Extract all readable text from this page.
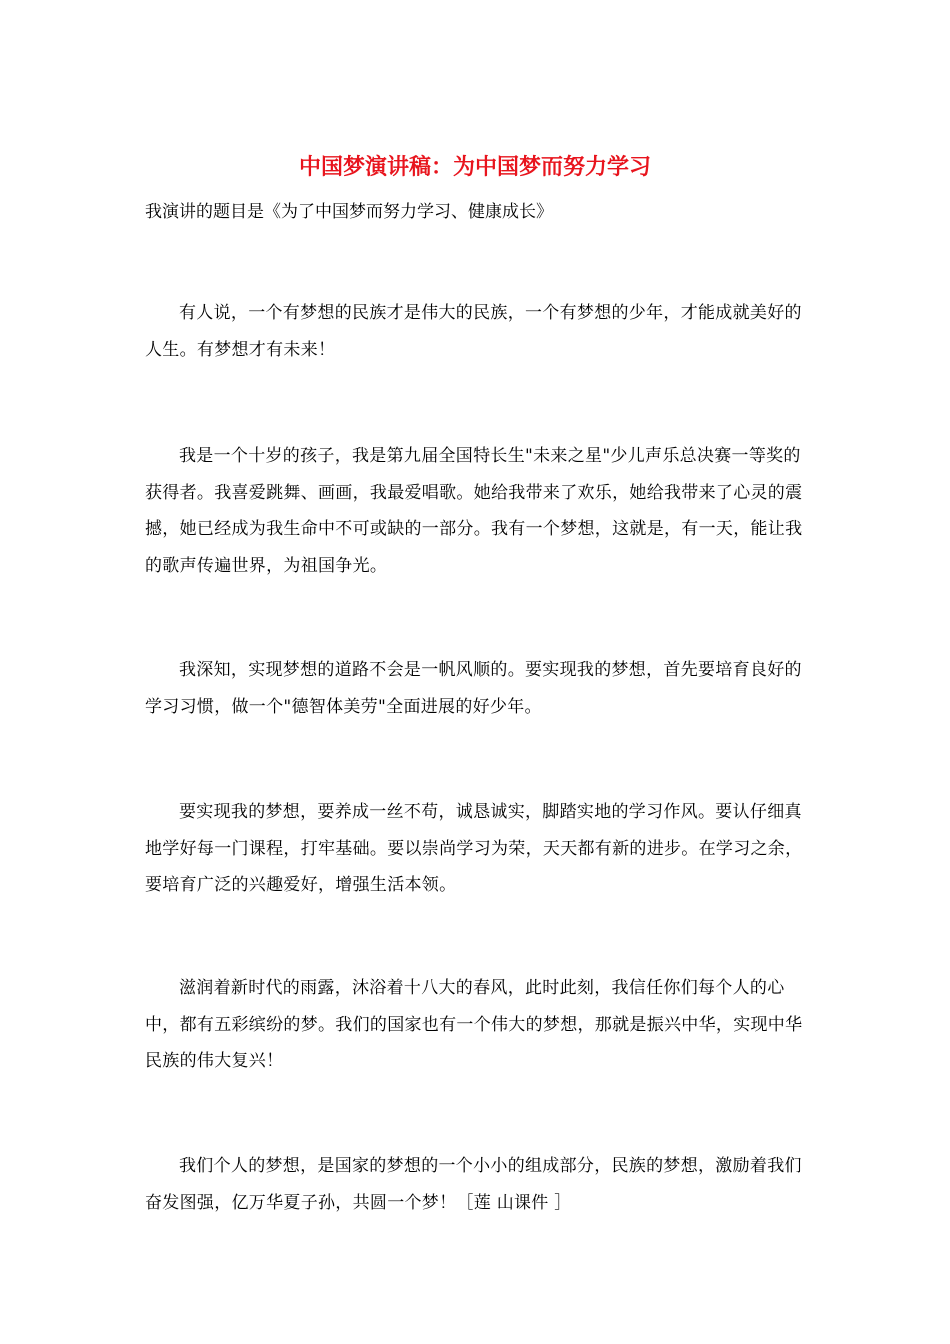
中国梦演讲稿：为中国梦而努力学习

我演讲的题目是《为了中国梦而努力学习、健康成长》

有人说，一个有梦想的民族才是伟大的民族，一个有梦想的少年，才能成就美好的人生。有梦想才有未来！

我是一个十岁的孩子，我是第九届全国特长生"未来之星"少儿声乐总决赛一等奖的获得者。我喜爱跳舞、画画，我最爱唱歌。她给我带来了欢乐，她给我带来了心灵的震撼，她已经成为我生命中不可或缺的一部分。我有一个梦想，这就是，有一天，能让我的歌声传遍世界，为祖国争光。

我深知，实现梦想的道路不会是一帆风顺的。要实现我的梦想，首先要培育良好的学习习惯，做一个"德智体美劳"全面进展的好少年。

要实现我的梦想，要养成一丝不苟，诚恳诚实，脚踏实地的学习作风。要认仔细真地学好每一门课程，打牢基础。要以崇尚学习为荣，天天都有新的进步。在学习之余，要培育广泛的兴趣爱好，增强生活本领。

滋润着新时代的雨露，沐浴着十八大的春风，此时此刻，我信任你们每个人的心中，都有五彩缤纷的梦。我们的国家也有一个伟大的梦想，那就是振兴中华，实现中华民族的伟大复兴！

我们个人的梦想，是国家的梦想的一个小小的组成部分，民族的梦想，激励着我们奋发图强，亿万华夏子孙，共圆一个梦！［莲 山课件 ］
